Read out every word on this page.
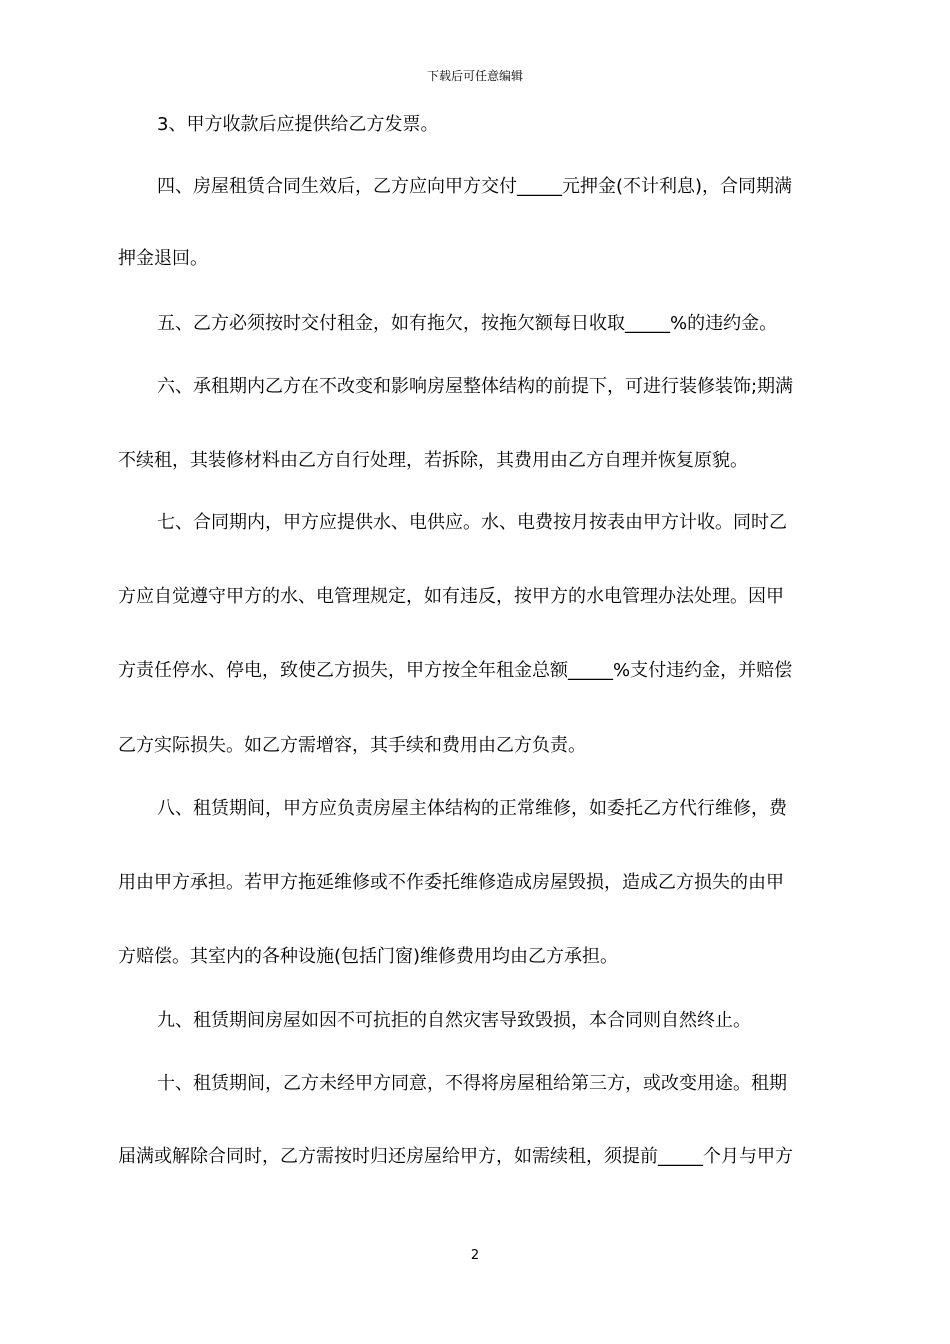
下载后可任意编辑
3、甲方收款后应提供给乙方发票。
四、房屋租赁合同生效后，乙方应向甲方交付_____元押金(不计利息)，合同期满
押金退回。
五、乙方必须按时交付租金，如有拖欠，按拖欠额每日收取_____%的违约金。
六、承租期内乙方在不改变和影响房屋整体结构的前提下，可进行装修装饰;期满
不续租，其装修材料由乙方自行处理，若拆除，其费用由乙方自理并恢复原貌。
七、合同期内，甲方应提供水、电供应。水、电费按月按表由甲方计收。同时乙
方应自觉遵守甲方的水、电管理规定，如有违反，按甲方的水电管理办法处理。因甲
方责任停水、停电，致使乙方损失，甲方按全年租金总额_____%支付违约金，并赔偿
乙方实际损失。如乙方需增容，其手续和费用由乙方负责。
八、租赁期间，甲方应负责房屋主体结构的正常维修，如委托乙方代行维修，费
用由甲方承担。若甲方拖延维修或不作委托维修造成房屋毁损，造成乙方损失的由甲
方赔偿。其室内的各种设施(包括门窗)维修费用均由乙方承担。
九、租赁期间房屋如因不可抗拒的自然灾害导致毁损，本合同则自然终止。
十、租赁期间，乙方未经甲方同意，不得将房屋租给第三方，或改变用途。租期
届满或解除合同时，乙方需按时归还房屋给甲方，如需续租，须提前_____个月与甲方
2
